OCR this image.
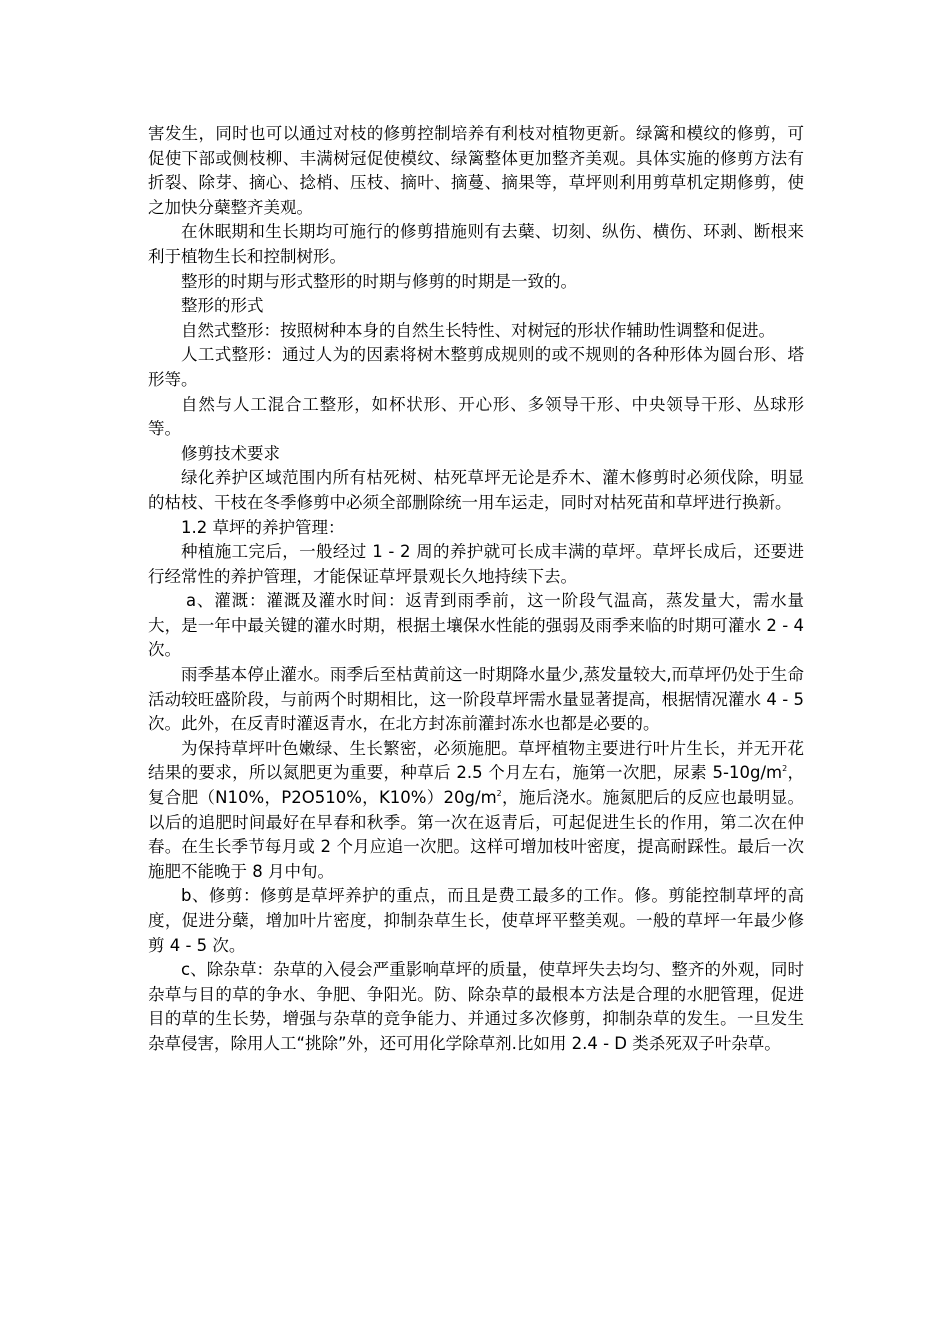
害发生，同时也可以通过对枝的修剪控制培养有利枝对植物更新。绿篱和模纹的修剪，可促使下部或侧枝柳、丰满树冠促使模纹、绿篱整体更加整齐美观。具体实施的修剪方法有折裂、除芽、摘心、捻梢、压枝、摘叶、摘蔓、摘果等，草坪则利用剪草机定期修剪，使之加快分蘖整齐美观。

在休眠期和生长期均可施行的修剪措施则有去蘖、切刻、纵伤、横伤、环剥、断根来利于植物生长和控制树形。

整形的时期与形式整形的时期与修剪的时期是一致的。

整形的形式

自然式整形：按照树种本身的自然生长特性、对树冠的形状作辅助性调整和促进。

人工式整形：通过人为的因素将树木整剪成规则的或不规则的各种形体为圆台形、塔形等。

自然与人工混合工整形，如杯状形、开心形、多领导干形、中央领导干形、丛球形等。

修剪技术要求

绿化养护区域范围内所有枯死树、枯死草坪无论是乔木、灌木修剪时必须伐除，明显的枯枝、干枝在冬季修剪中必须全部删除统一用车运走，同时对枯死苗和草坪进行换新。

1.2 草坪的养护管理：

种植施工完后，一般经过 1 - 2 周的养护就可长成丰满的草坪。草坪长成后，还要进行经常性的养护管理，才能保证草坪景观长久地持续下去。

a、灌溉：灌溉及灌水时间：返青到雨季前，这一阶段气温高，蒸发量大，需水量大，是一年中最关键的灌水时期，根据土壤保水性能的强弱及雨季来临的时期可灌水 2 - 4 次。

雨季基本停止灌水。雨季后至枯黄前这一时期降水量少,蒸发量较大,而草坪仍处于生命活动较旺盛阶段，与前两个时期相比，这一阶段草坪需水量显著提高，根据情况灌水 4 - 5 次。此外，在反青时灌返青水，在北方封冻前灌封冻水也都是必要的。

为保持草坪叶色嫩绿、生长繁密，必须施肥。草坪植物主要进行叶片生长，并无开花结果的要求，所以氮肥更为重要，种草后 2.5 个月左右，施第一次肥，尿素 $5-10g/m^2$，复合肥（N10%，P2O510%，$K10\%)20g/m^2$，施后浇水。施氮肥后的反应也最明显。以后的追肥时间最好在早春和秋季。第一次在返青后，可起促进生长的作用，第二次在仲春。在生长季节每月或 2 个月应追一次肥。这样可增加枝叶密度，提高耐踩性。最后一次施肥不能晚于 8 月中旬。

b、修剪：修剪是草坪养护的重点，而且是费工最多的工作。修。剪能控制草坪的高度，促进分蘖，增加叶片密度，抑制杂草生长，使草坪平整美观。一般的草坪一年最少修剪 4 - 5 次。

c、除杂草：杂草的入侵会严重影响草坪的质量，使草坪失去均匀、整齐的外观，同时杂草与目的草的争水、争肥、争阳光。防、除杂草的最根本方法是合理的水肥管理，促进目的草的生长势，增强与杂草的竞争能力、并通过多次修剪，抑制杂草的发生。一旦发生杂草侵害，除用人工“挑除”外，还可用化学除草剂.比如用 2.4 - D 类杀死双子叶杂草。
